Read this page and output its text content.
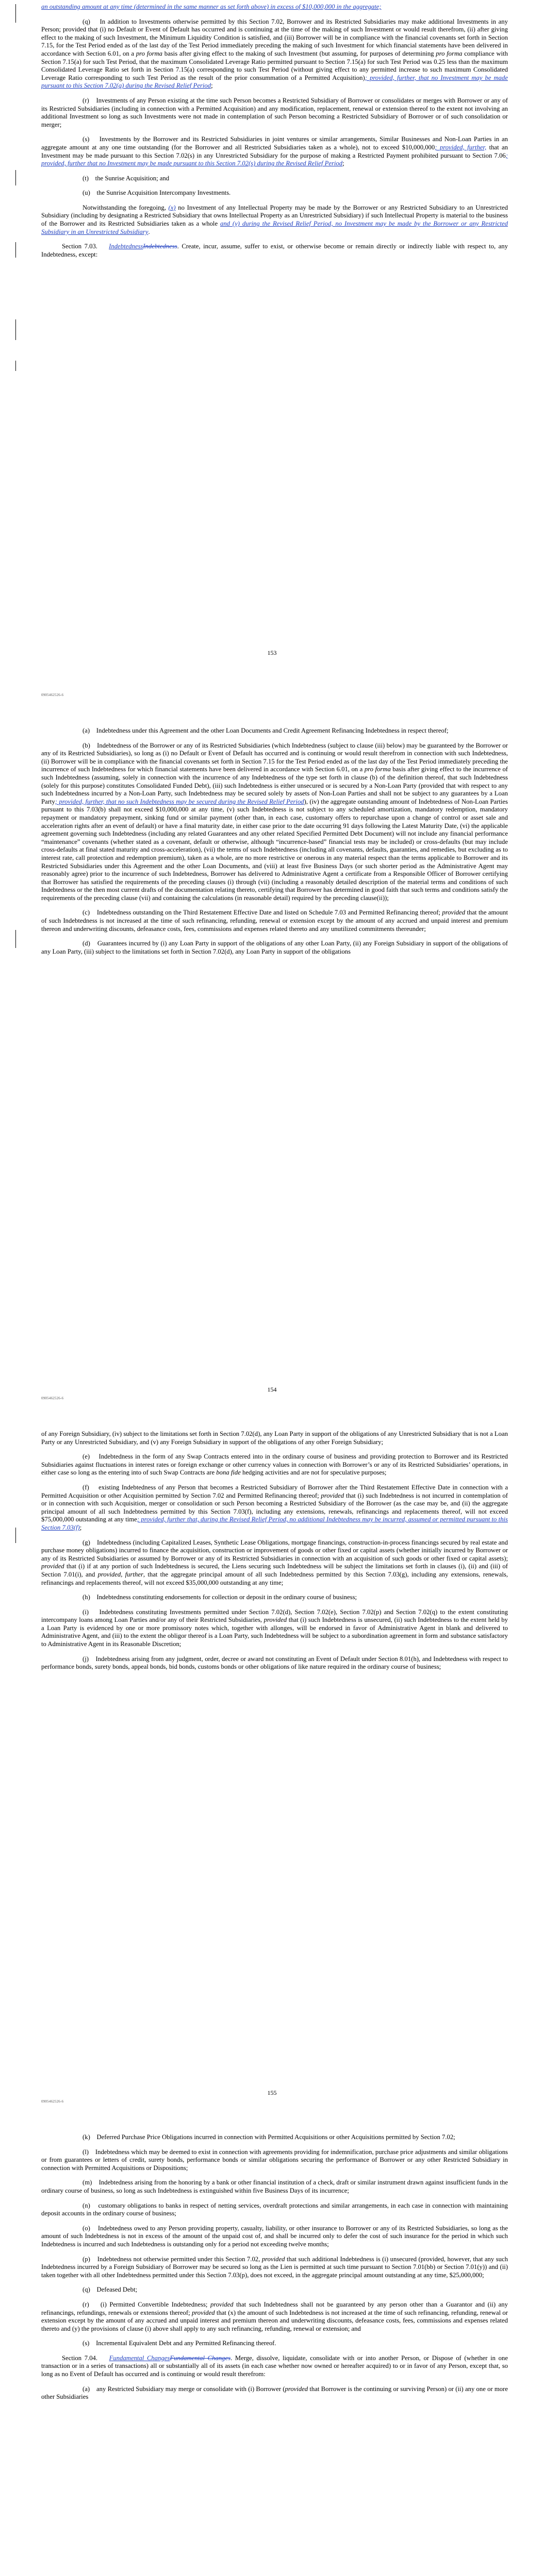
an outstanding amount at any time (determined in the same manner as set forth above) in excess of $10,000,000 in the aggregate;

(q)    In addition to Investments otherwise permitted by this Section 7.02, Borrower and its Restricted Subsidiaries may make additional Investments in any Person; provided that (i) no Default or Event of Default has occurred and is continuing at the time of the making of such Investment or would result therefrom, (ii) after giving effect to the making of such Investment, the Minimum Liquidity Condition is satisfied, and (iii) Borrower will be in compliance with the financial covenants set forth in Section 7.15, for the Test Period ended as of the last day of the Test Period immediately preceding the making of such Investment for which financial statements have been delivered in accordance with Section 6.01, on a pro forma basis after giving effect to the making of such Investment (but assuming, for purposes of determining pro forma compliance with Section 7.15(a) for such Test Period, that the maximum Consolidated Leverage Ratio permitted pursuant to Section 7.15(a) for such Test Period was 0.25 less than the maximum Consolidated Leverage Ratio set forth in Section 7.15(a) corresponding to such Test Period (without giving effect to any permitted increase to such maximum Consolidated Leverage Ratio corresponding to such Test Period as the result of the prior consummation of a Permitted Acquisition); provided, further, that no Investment may be made pursuant to this Section 7.02(q) during the Revised Relief Period;

(r)    Investments of any Person existing at the time such Person becomes a Restricted Subsidiary of Borrower or consolidates or merges with Borrower or any of its Restricted Subsidiaries (including in connection with a Permitted Acquisition) and any modification, replacement, renewal or extension thereof to the extent not involving an additional Investment so long as such Investments were not made in contemplation of such Person becoming a Restricted Subsidiary of Borrower or of such consolidation or merger;

(s)    Investments by the Borrower and its Restricted Subsidiaries in joint ventures or similar arrangements, Similar Businesses and Non-Loan Parties in an aggregate amount at any one time outstanding (for the Borrower and all Restricted Subsidiaries taken as a whole), not to exceed $10,000,000; provided, further, that an Investment may be made pursuant to this Section 7.02(s) in any Unrestricted Subsidiary for the purpose of making a Restricted Payment prohibited pursuant to Section 7.06; provided, further that no Investment may be made pursuant to this Section 7.02(s) during the Revised Relief Period;

(t)    the Sunrise Acquisition; and

(u)    the Sunrise Acquisition Intercompany Investments.

Notwithstanding the foregoing, (x) no Investment of any Intellectual Property may be made by the Borrower or any Restricted Subsidiary to an Unrestricted Subsidiary (including by designating a Restricted Subsidiary that owns Intellectual Property as an Unrestricted Subsidiary) if such Intellectual Property is material to the business of the Borrower and its Restricted Subsidiaries taken as a whole and (y) during the Revised Relief Period, no Investment may be made by the Borrower or any Restricted Subsidiary in an Unrestricted Subsidiary.

Section 7.03.    IndebtednessIndebtedness. Create, incur, assume, suffer to exist, or otherwise become or remain directly or indirectly liable with respect to, any Indebtedness, except:

153
0905462526-6

(a)    Indebtedness under this Agreement and the other Loan Documents and Credit Agreement Refinancing Indebtedness in respect thereof;

(b)    Indebtedness of the Borrower or any of its Restricted Subsidiaries (which Indebtedness (subject to clause (iii) below) may be guaranteed by the Borrower or any of its Restricted Subsidiaries), so long as (i) no Default or Event of Default has occurred and is continuing or would result therefrom in connection with such Indebtedness, (ii) Borrower will be in compliance with the financial covenants set forth in Section 7.15 for the Test Period ended as of the last day of the Test Period immediately preceding the incurrence of such Indebtedness for which financial statements have been delivered in accordance with Section 6.01, on a pro forma basis after giving effect to the incurrence of such Indebtedness (assuming, solely in connection with the incurrence of any Indebtedness of the type set forth in clause (b) of the definition thereof, that such Indebtedness (solely for this purpose) constitutes Consolidated Funded Debt), (iii) such Indebtedness is either unsecured or is secured by a Non-Loan Party (provided that with respect to any such Indebtedness incurred by a Non-Loan Party, such Indebtedness may be secured solely by assets of Non-Loan Parties and shall not be subject to any guarantees by a Loan Party; provided, further, that no such Indebtedness may be secured during the Revised Relief Period), (iv) the aggregate outstanding amount of Indebtedness of Non-Loan Parties pursuant to this 7.03(b) shall not exceed $10,000,000 at any time, (v) such Indebtedness is not subject to any scheduled amortization, mandatory redemption, mandatory repayment or mandatory prepayment, sinking fund or similar payment (other than, in each case, customary offers to repurchase upon a change of control or asset sale and acceleration rights after an event of default) or have a final maturity date, in either case prior to the date occurring 91 days following the Latest Maturity Date, (vi) the applicable agreement governing such Indebtedness (including any related Guarantees and any other related Specified Permitted Debt Document) will not include any financial performance “maintenance” covenants (whether stated as a covenant, default or otherwise, although “incurrence-based” financial tests may be included) or cross-defaults (but may include cross-defaults at final stated maturity and cross-acceleration), (vii) the terms of such Indebtedness (including all covenants, defaults, guaranties, and remedies, but excluding as to interest rate, call protection and redemption premium), taken as a whole, are no more restrictive or onerous in any material respect than the terms applicable to Borrower and its Restricted Subsidiaries under this Agreement and the other Loan Documents, and (viii) at least five Business Days (or such shorter period as the Administrative Agent may reasonably agree) prior to the incurrence of such Indebtedness, Borrower has delivered to Administrative Agent a certificate from a Responsible Officer of Borrower certifying that Borrower has satisfied the requirements of the preceding clauses (i) through (vii) (including a reasonably detailed description of the material terms and conditions of such Indebtedness or the then most current drafts of the documentation relating thereto, certifying that Borrower has determined in good faith that such terms and conditions satisfy the requirements of the preceding clause (vii) and containing the calculations (in reasonable detail) required by the preceding clause(ii));

(c)    Indebtedness outstanding on the Third Restatement Effective Date and listed on Schedule 7.03 and Permitted Refinancing thereof; provided that the amount of such Indebtedness is not increased at the time of such refinancing, refunding, renewal or extension except by the amount of any accrued and unpaid interest and premium thereon and underwriting discounts, defeasance costs, fees, commissions and expenses related thereto and any unutilized commitments thereunder;

(d)    Guarantees incurred by (i) any Loan Party in support of the obligations of any other Loan Party, (ii) any Foreign Subsidiary in support of the obligations of any Loan Party, (iii) subject to the limitations set forth in Section 7.02(d), any Loan Party in support of the obligations

154
0905462526-6

of any Foreign Subsidiary, (iv) subject to the limitations set forth in Section 7.02(d), any Loan Party in support of the obligations of any Unrestricted Subsidiary that is not a Loan Party or any Unrestricted Subsidiary, and (v) any Foreign Subsidiary in support of the obligations of any other Foreign Subsidiary;

(e)    Indebtedness in the form of any Swap Contracts entered into in the ordinary course of business and providing protection to Borrower and its Restricted Subsidiaries against fluctuations in interest rates or foreign exchange or other currency values in connection with Borrower’s or any of its Restricted Subsidiaries’ operations, in either case so long as the entering into of such Swap Contracts are bona fide hedging activities and are not for speculative purposes;

(f)    existing Indebtedness of any Person that becomes a Restricted Subsidiary of Borrower after the Third Restatement Effective Date in connection with a Permitted Acquisition or other Acquisition permitted by Section 7.02 and Permitted Refinancing thereof; provided that (i) such Indebtedness is not incurred in contemplation of or in connection with such Acquisition, merger or consolidation or such Person becoming a Restricted Subsidiary of the Borrower (as the case may be, and (ii) the aggregate principal amount of all such Indebtedness permitted by this Section 7.03(f), including any extensions, renewals, refinancings and replacements thereof, will not exceed $75,000,000 outstanding at any time; provided, further that, during the Revised Relief Period, no additional Indebtedness may be incurred, assumed or permitted pursuant to this Section 7.03(f);

(g)    Indebtedness (including Capitalized Leases, Synthetic Lease Obligations, mortgage financings, construction-in-process financings secured by real estate and purchase money obligations) incurred to finance the acquisition, construction or improvement of goods or other fixed or capital assets (whether initially incurred by Borrower or any of its Restricted Subsidiaries or assumed by Borrower or any of its Restricted Subsidiaries in connection with an acquisition of such goods or other fixed or capital assets); provided that (i) if at any portion of such Indebtedness is secured, the Liens securing such Indebtedness will be subject the limitations set forth in clauses (i), (ii) and (iii) of Section 7.01(i), and provided, further, that the aggregate principal amount of all such Indebtedness permitted by this Section 7.03(g), including any extensions, renewals, refinancings and replacements thereof, will not exceed $35,000,000 outstanding at any time;

(h)    Indebtedness constituting endorsements for collection or deposit in the ordinary course of business;

(i)    Indebtedness constituting Investments permitted under Section 7.02(d), Section 7.02(e), Section 7.02(p) and Section 7.02(q) to the extent constituting intercompany loans among Loan Parties and/or any of their Restricted Subsidiaries, provided that (i) such Indebtedness is unsecured, (ii) such Indebtedness to the extent held by a Loan Party is evidenced by one or more promissory notes which, together with allonges, will be endorsed in favor of Administrative Agent in blank and delivered to Administrative Agent, and (iii) to the extent the obligor thereof is a Loan Party, such Indebtedness will be subject to a subordination agreement in form and substance satisfactory to Administrative Agent in its Reasonable Discretion;

(j)    Indebtedness arising from any judgment, order, decree or award not constituting an Event of Default under Section 8.01(h), and Indebtedness with respect to performance bonds, surety bonds, appeal bonds, bid bonds, customs bonds or other obligations of like nature required in the ordinary course of business;

155
0905462526-6

(k)    Deferred Purchase Price Obligations incurred in connection with Permitted Acquisitions or other Acquisitions permitted by Section 7.02;

(l)    Indebtedness which may be deemed to exist in connection with agreements providing for indemnification, purchase price adjustments and similar obligations or from guarantees or letters of credit, surety bonds, performance bonds or similar obligations securing the performance of Borrower or any other Restricted Subsidiary in connection with Permitted Acquisitions or Dispositions;

(m)    Indebtedness arising from the honoring by a bank or other financial institution of a check, draft or similar instrument drawn against insufficient funds in the ordinary course of business, so long as such Indebtedness is extinguished within five Business Days of its incurrence;

(n)    customary obligations to banks in respect of netting services, overdraft protections and similar arrangements, in each case in connection with maintaining deposit accounts in the ordinary course of business;

(o)    Indebtedness owed to any Person providing property, casualty, liability, or other insurance to Borrower or any of its Restricted Subsidiaries, so long as the amount of such Indebtedness is not in excess of the amount of the unpaid cost of, and shall be incurred only to defer the cost of such insurance for the period in which such Indebtedness is incurred and such Indebtedness is outstanding only for a period not exceeding twelve months;

(p)    Indebtedness not otherwise permitted under this Section 7.02, provided that such additional Indebtedness is (i) unsecured (provided, however, that any such Indebtedness incurred by a Foreign Subsidiary of Borrower may be secured so long as the Lien is permitted at such time pursuant to Section 7.01(bb) or Section 7.01(y)) and (ii) taken together with all other Indebtedness permitted under this Section 7.03(p), does not exceed, in the aggregate principal amount outstanding at any time, $25,000,000;

(q)    Defeased Debt;

(r)    (i) Permitted Convertible Indebtedness; provided that such Indebtedness shall not be guaranteed by any person other than a Guarantor and (ii) any refinancings, refundings, renewals or extensions thereof; provided that (x) the amount of such Indebtedness is not increased at the time of such refinancing, refunding, renewal or extension except by the amount of any accrued and unpaid interest and premium thereon and underwriting discounts, defeasance costs, fees, commissions and expenses related thereto and (y) the provisions of clause (i) above shall apply to any such refinancing, refunding, renewal or extension; and

(s)    Incremental Equivalent Debt and any Permitted Refinancing thereof.

Section 7.04.    Fundamental ChangesFundamental Changes. Merge, dissolve, liquidate, consolidate with or into another Person, or Dispose of (whether in one transaction or in a series of transactions) all or substantially all of its assets (in each case whether now owned or hereafter acquired) to or in favor of any Person, except that, so long as no Event of Default has occurred and is continuing or would result therefrom:

(a)    any Restricted Subsidiary may merge or consolidate with (i) Borrower (provided that Borrower is the continuing or surviving Person) or (ii) any one or more other Subsidiaries
